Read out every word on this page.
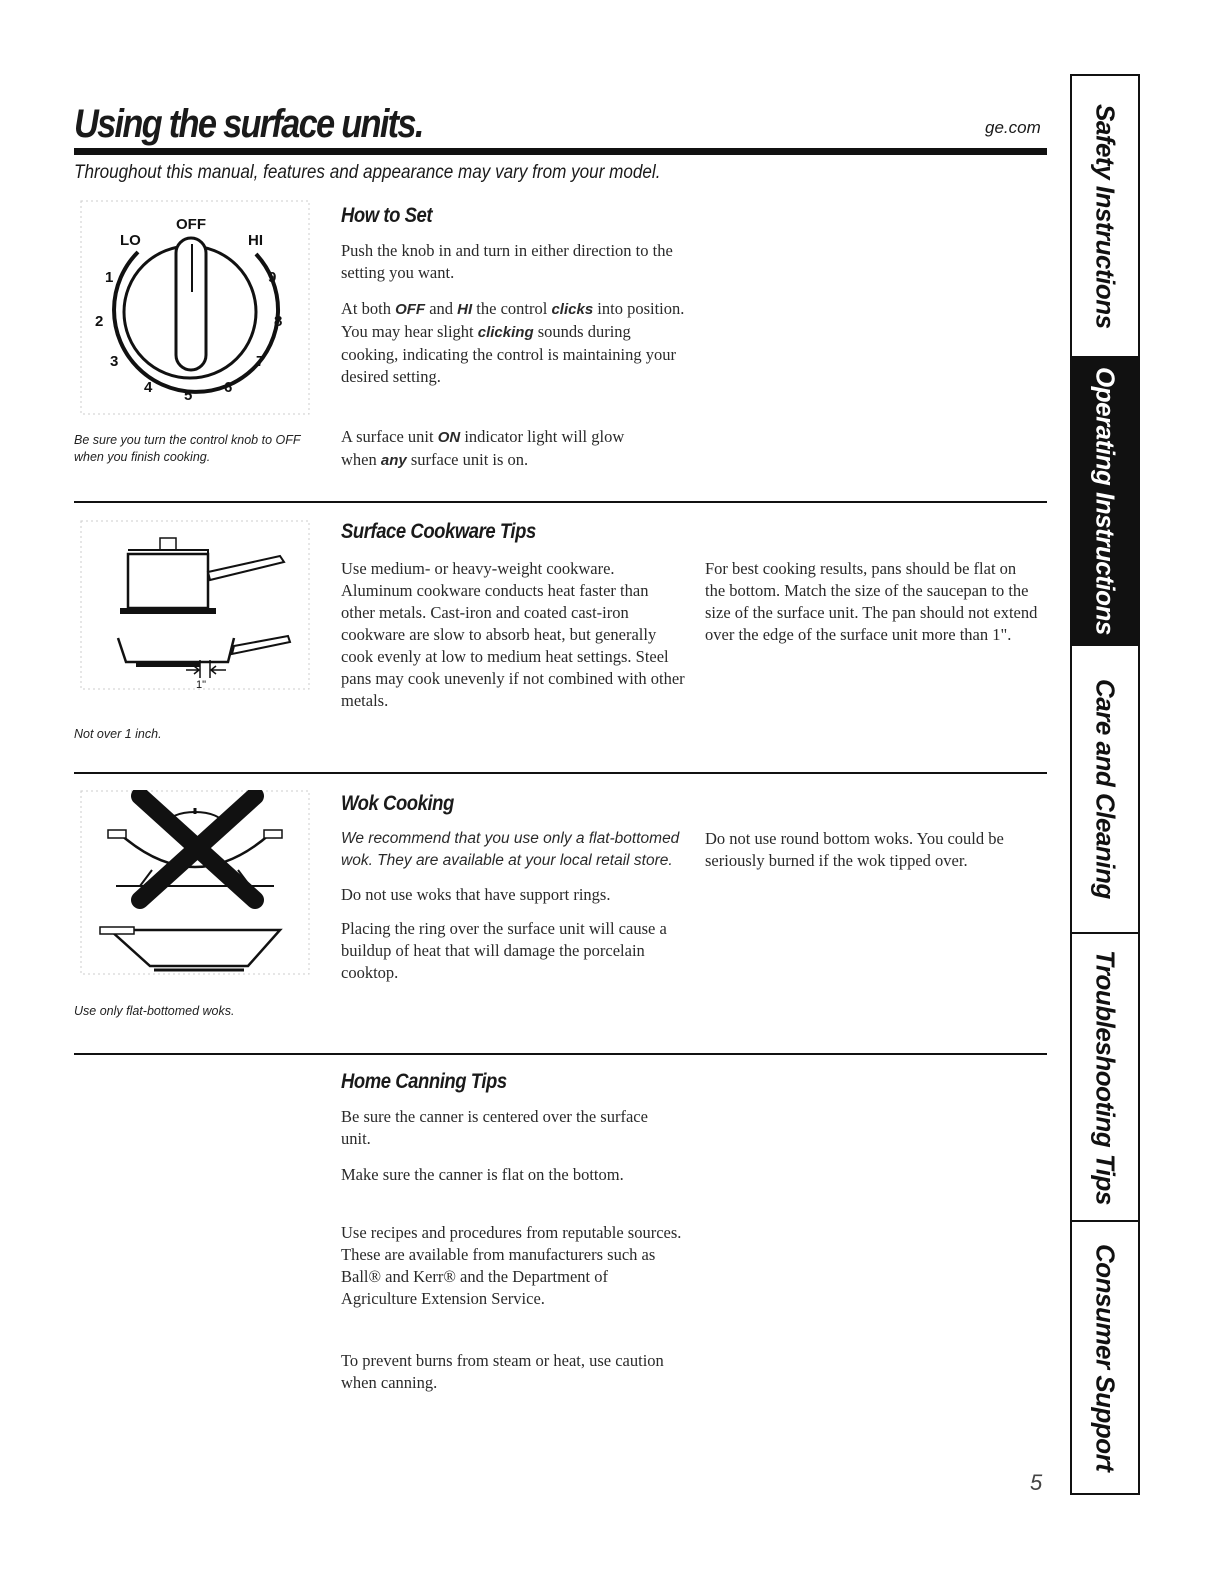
Using the surface units.	ge.com
Throughout this manual, features and appearance may vary from your model.
OFF
LO	HI
1
2
3
4 5 6
7
8
9
Be sure you turn the control knob to OFF when you finish cooking.
How to Set

Push the knob in and turn in either direction to the setting you want.

At both OFF and HI the control clicks into position. You may hear slight clicking sounds during cooking, indicating the control is maintaining your desired setting.

A surface unit ON indicator light will glow when any surface unit is on.

1"
Not over 1 inch.
Surface Cookware Tips

Use medium- or heavy-weight cookware. Aluminum cookware conducts heat faster than other metals. Cast-iron and coated cast-iron cookware are slow to absorb heat, but generally cook evenly at low to medium heat settings. Steel pans may cook unevenly if not combined with other metals.

For best cooking results, pans should be flat on the bottom. Match the size of the saucepan to the size of the surface unit. The pan should not extend over the edge of the surface unit more than 1".

Use only flat-bottomed woks.
Wok Cooking

We recommend that you use only a flat-bottomed wok. They are available at your local retail store.

Do not use woks that have support rings.

Placing the ring over the surface unit will cause a buildup of heat that will damage the porcelain cooktop.

Do not use round bottom woks. You could be seriously burned if the wok tipped over.

Home Canning Tips

Be sure the canner is centered over the surface unit.

Make sure the canner is flat on the bottom.

Use recipes and procedures from reputable sources. These are available from manufacturers such as Ball® and Kerr® and the Department of Agriculture Extension Service.

To prevent burns from steam or heat, use caution when canning.

Safety Instructions
Operating Instructions
Care and Cleaning
Troubleshooting Tips
Consumer Support
5
